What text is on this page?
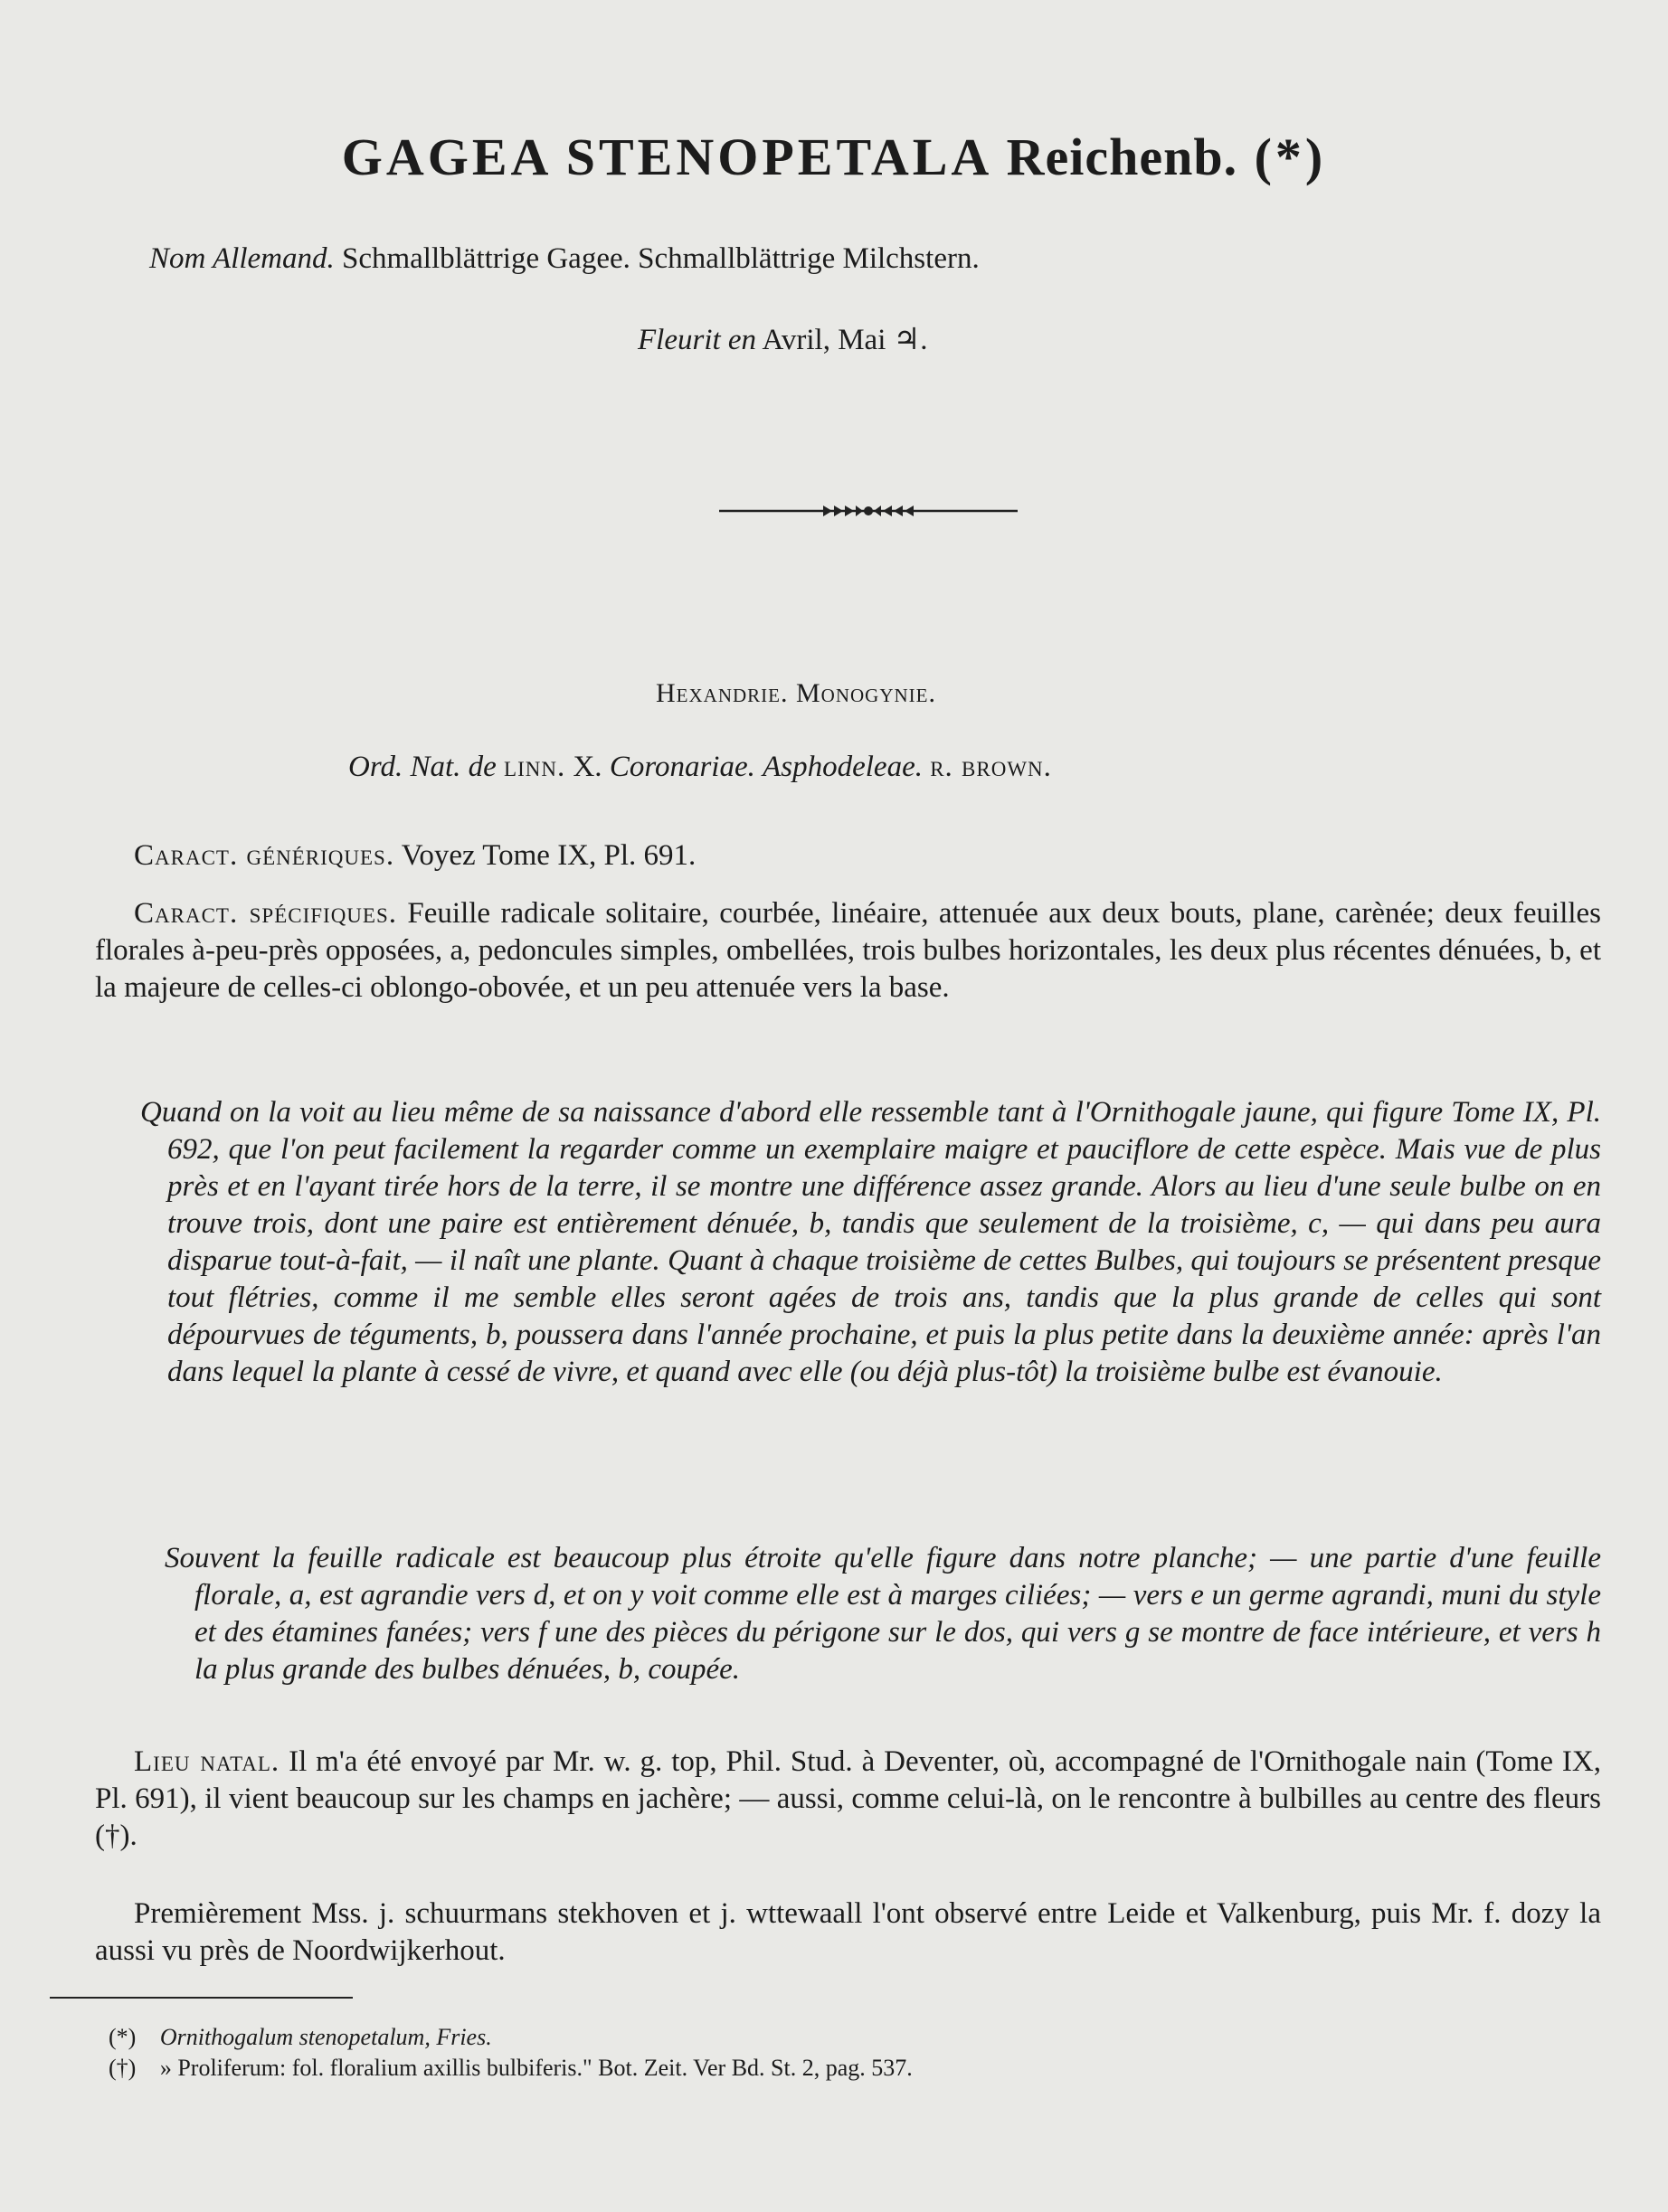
GAGEA STENOPETALA Reichenb. (*)
Nom Allemand. Schmallblättrige Gagee. Schmallblättrige Milchstern.
Fleurit en Avril, Mai ♃.
Hexandrie. Monogynie.
Ord. Nat. de linn. X. Coronariae. Asphodeleae. r. brown.
Caract. génériques. Voyez Tome IX, Pl. 691.

Caract. spécifiques. Feuille radicale solitaire, courbée, linéaire, attenuée aux deux bouts, plane, carènée; deux feuilles florales à-peu-près opposées, a, pedoncules simples, ombellées, trois bulbes horizontales, les deux plus récentes dénuées, b, et la majeure de celles-ci oblongo-obovée, et un peu attenuée vers la base.

Quand on la voit au lieu même de sa naissance d'abord elle ressemble tant à l'Ornithogale jaune, qui figure Tome IX, Pl. 692, que l'on peut facilement la regarder comme un exemplaire maigre et pauciflore de cette espèce. Mais vue de plus près et en l'ayant tirée hors de la terre, il se montre une différence assez grande. Alors au lieu d'une seule bulbe on en trouve trois, dont une paire est entièrement dénuée, b, tandis que seulement de la troisième, c, — qui dans peu aura disparue tout-à-fait, — il naît une plante. Quant à chaque troisième de cettes Bulbes, qui toujours se présentent presque tout flétries, comme il me semble elles seront agées de trois ans, tandis que la plus grande de celles qui sont dépourvues de téguments, b, poussera dans l'année prochaine, et puis la plus petite dans la deuxième année: après l'an dans lequel la plante à cessé de vivre, et quand avec elle (ou déjà plus-tôt) la troisième bulbe est évanouie.

Souvent la feuille radicale est beaucoup plus étroite qu'elle figure dans notre planche; — une partie d'une feuille florale, a, est agrandie vers d, et on y voit comme elle est à marges ciliées; — vers e un germe agrandi, muni du style et des étamines fanées; vers f une des pièces du périgone sur le dos, qui vers g se montre de face intérieure, et vers h la plus grande des bulbes dénuées, b, coupée.

Lieu natal. Il m'a été envoyé par Mr. w. g. top, Phil. Stud. à Deventer, où, accompagné de l'Ornithogale nain (Tome IX, Pl. 691), il vient beaucoup sur les champs en jachère; — aussi, comme celui-là, on le rencontre à bulbilles au centre des fleurs (†).

Premièrement Mss. j. schuurmans stekhoven et j. wttewaall l'ont observé entre Leide et Valkenburg, puis Mr. f. dozy la aussi vu près de Noordwijkerhout.

(*) Ornithogalum stenopetalum, Fries.
(†) » Proliferum: fol. floralium axillis bulbiferis." Bot. Zeit. Ver Bd. St. 2, pag. 537.
